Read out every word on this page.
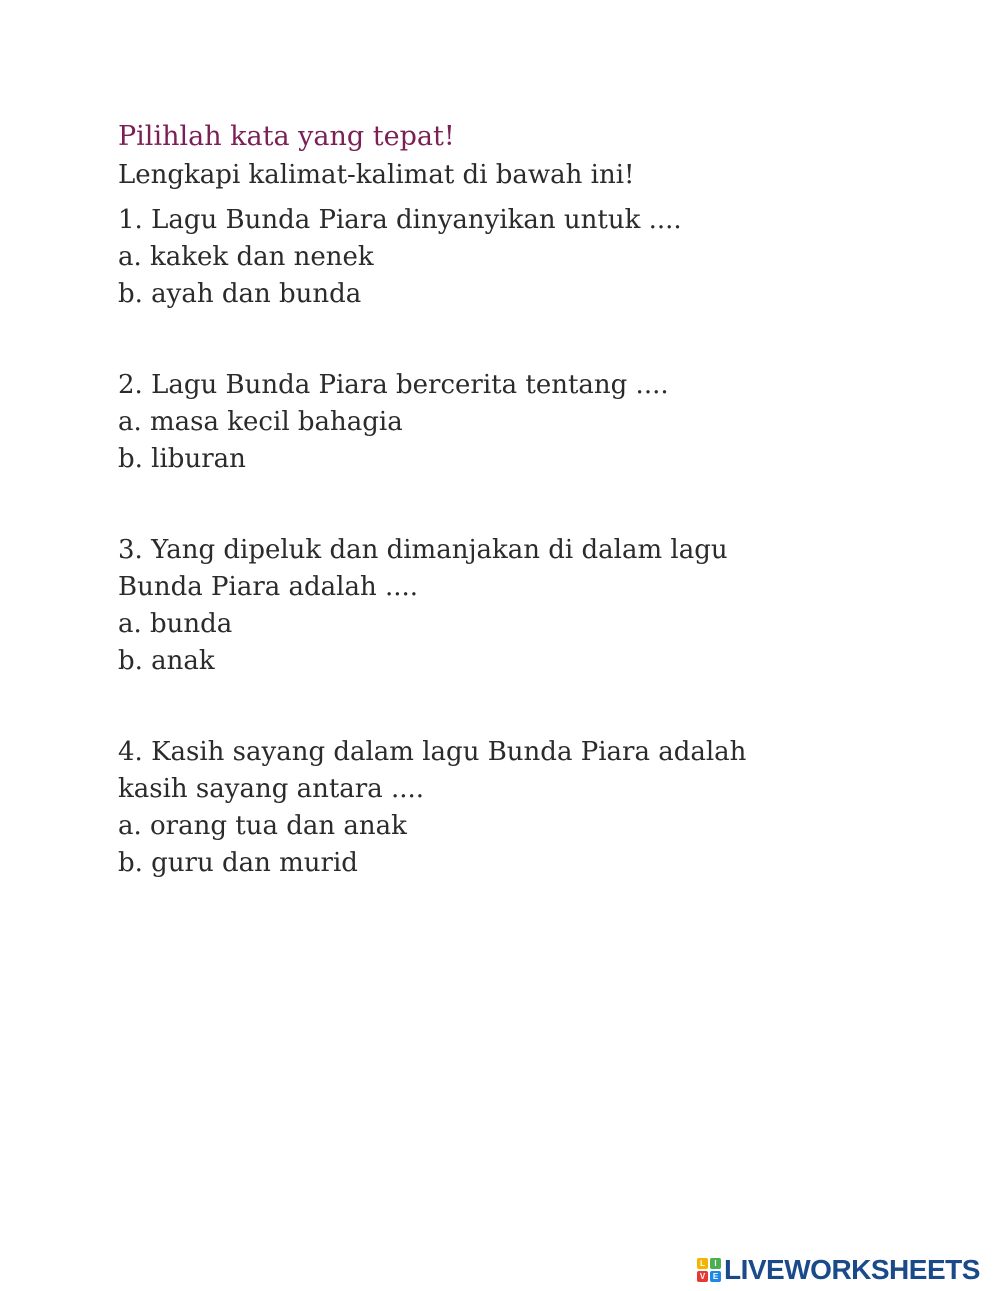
Pilihlah kata yang tepat!

Lengkapi kalimat-kalimat di bawah ini!

1. Lagu Bunda Piara dinyanyikan untuk ....

a. kakek dan nenek

b. ayah dan bunda

2. Lagu Bunda Piara bercerita tentang ....

a. masa kecil bahagia

b. liburan

3. Yang dipeluk dan dimanjakan di dalam lagu

Bunda Piara adalah ....

a. bunda

b. anak

4. Kasih sayang dalam lagu Bunda Piara adalah

kasih sayang antara ....

a. orang tua dan anak

b. guru dan murid

L	I
V E LIVEWORKSHEETS
